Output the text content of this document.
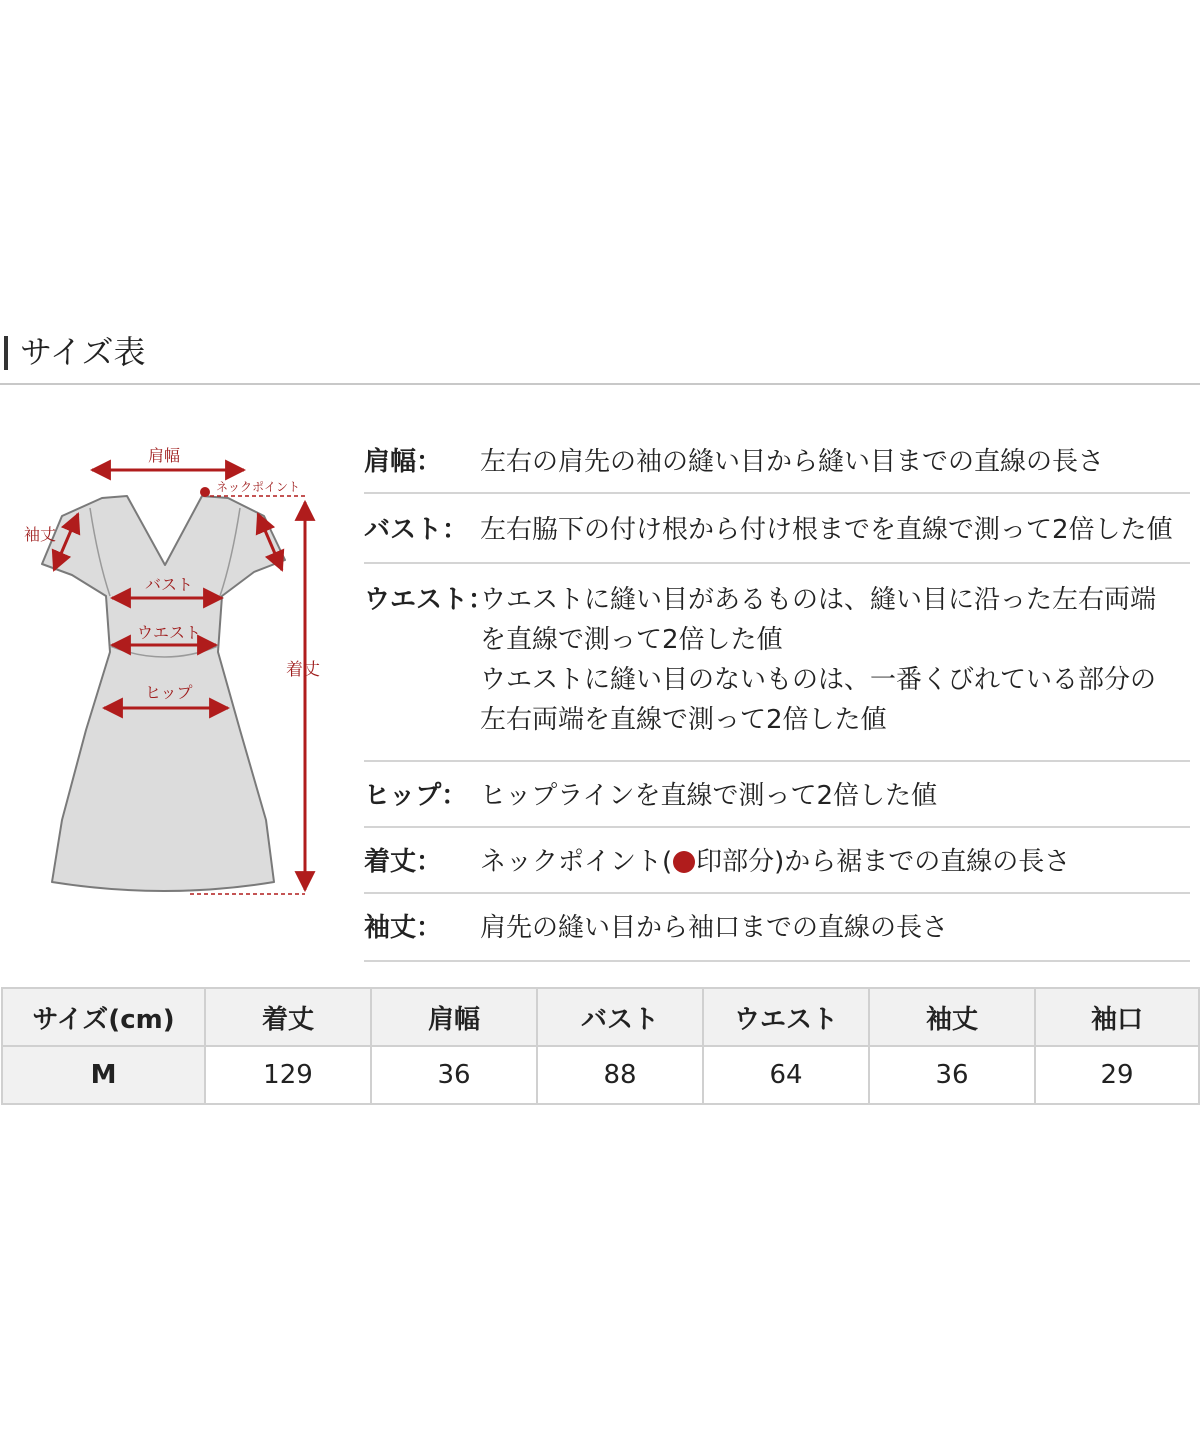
サイズ表
肩幅
ネックポイント
袖丈
バスト
ウエスト
ヒップ
着丈
肩幅： 左右の肩先の袖の縫い目から縫い目までの直線の長さ
バスト： 左右脇下の付け根から付け根までを直線で測って2倍した値
ウエスト：
ウエストに縫い目があるものは、縫い目に沿った左右両端
を直線で測って2倍した値
ウエストに縫い目のないものは、一番くびれている部分の
左右両端を直線で測って2倍した値
ヒップ： ヒップラインを直線で測って2倍した値
着丈： ネックポイント( 印部分)から裾までの直線の長さ
袖丈： 肩先の縫い目から袖口までの直線の長さ
サイズ(cm)	着丈	肩幅	バスト	ウエスト	袖丈	袖口
M	129	36	88	64	36	29
